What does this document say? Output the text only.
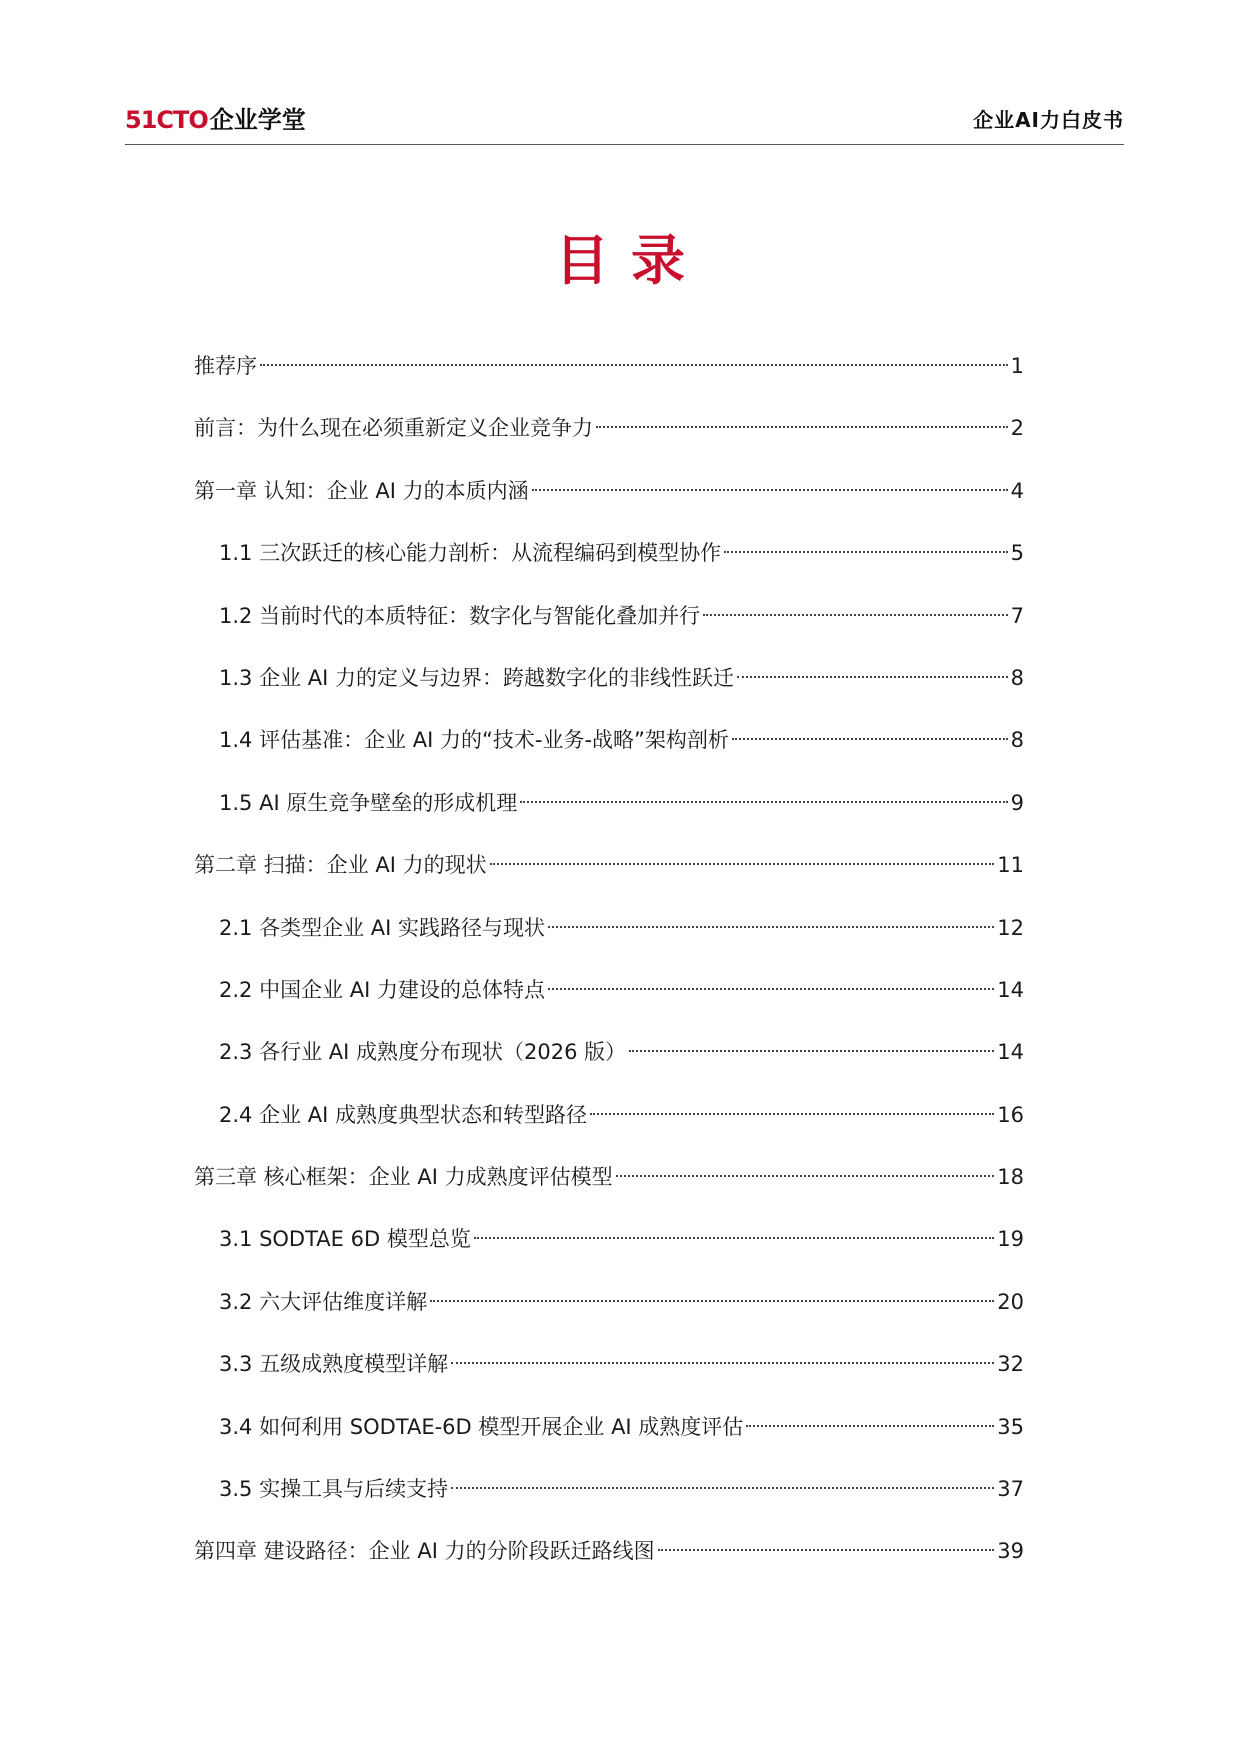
51CTO企业学堂	企业AI力白皮书
目录
推荐序	1
前言：为什么现在必须重新定义企业竞争力	2
第一章 认知：企业 AI 力的本质内涵	4
1.1 三次跃迁的核心能力剖析：从流程编码到模型协作	5
1.2 当前时代的本质特征：数字化与智能化叠加并行	7
1.3 企业 AI 力的定义与边界：跨越数字化的非线性跃迁	8
1.4 评估基准：企业 AI 力的“技术-业务-战略”架构剖析	8
1.5 AI 原生竞争壁垒的形成机理	9
第二章 扫描：企业 AI 力的现状	11
2.1 各类型企业 AI 实践路径与现状	12
2.2 中国企业 AI 力建设的总体特点	14
2.3 各行业 AI 成熟度分布现状（2026 版）	14
2.4 企业 AI 成熟度典型状态和转型路径	16
第三章 核心框架：企业 AI 力成熟度评估模型	18
3.1 SODTAE 6D 模型总览	19
3.2 六大评估维度详解	20
3.3 五级成熟度模型详解	32
3.4 如何利用 SODTAE-6D 模型开展企业 AI 成熟度评估	35
3.5 实操工具与后续支持	37
第四章 建设路径：企业 AI 力的分阶段跃迁路线图	39
